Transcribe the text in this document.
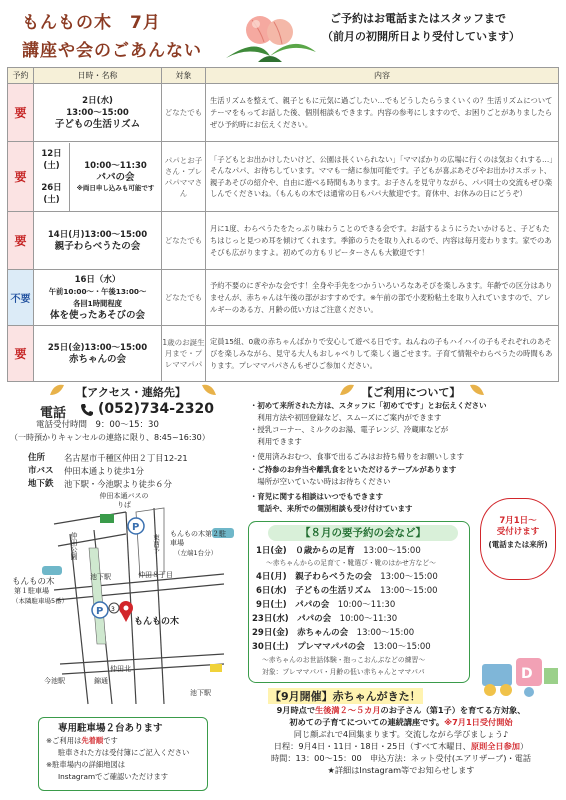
もんもの木　7月
講座や会のごあんない
ご予約はお電話またはスタッフまで
（前月の初開所日より受付しています）
予約	日時・名称	対象	内容
要	2日(水)
13:00～15:00
子どもの生活リズム	どなたでも	生活リズムを整えて、親子ともに元気に過ごしたい…でもどうしたらうまくいくの？生活リズムについてテーマをもってお話した後、個別相談もできます。内容の参考にしますので、お困りごとがありましたらぜひ予約時にお伝えください。
要	12日(土)
26日(土)
10:00～11:30
パパの会
※両日申し込みも可能です	パパとお子さん・プレパパママさん	「子どもとお出かけしたいけど、公園は長くいられない」「ママばかりの広場に行くのは気おくれする…」そんなパパ、お待ちしています。ママも一緒に参加可能です。子どもが喜ぶあそびやお出かけスポット、親子あそびの紹介や、自由に遊べる時間もあります。お子さんを見守りながら、パパ同士の交流もぜひ楽しんでくださいね。（もんもの木では通常の日もパパ大歓迎です。育休中、お休みの日にどうぞ）
要	14日(月)13:00～15:00
親子わらべうたの会	どなたでも	月に1度、わらべうたをたっぷり味わうことのできる会です。お話するようにうたいかけると、子どもたちはじっと見つめ耳を傾けてくれます。季節のうたを取り入れるので、内容は毎月変わります。家でのあそびも広がりますよ。初めての方もリピーターさんも大歓迎です！
不要	16日（水）
午前10:00～・午後13:00～
各回1時間程度
体を使ったあそびの会	どなたでも	予約不要のにぎやかな会です！全身や手先をつかういろいろなあそびを楽しみます。年齢での区分はありませんが、赤ちゃんは午後の部がおすすめです。※午前の部で小麦粉粘土を取り入れていますので、アレルギーのある方、月齢の低い方はご注意ください。
要	25日(金)13:00～15:00
赤ちゃんの会	1歳のお誕生月まで・プレママパパ	定員15組、0歳の赤ちゃんばかりで安心して遊べる日です。ねんねの子もハイハイの子もそれぞれのあそびを楽しみながら、見守る大人もおしゃべりして楽しく過ごせます。子育て情報やわらべうたの時間もあります。プレママパパさんもぜひご参加ください。
【アクセス・連絡先】
電話 (052)734-2320
電話受付時間　9：00～15：30
（一時預かりキャンセルの連絡に限り、8:45~16:30）
住所 名古屋市千種区仲田２丁目12-21
市バス 仲田本通より徒歩1分
地下鉄 池下駅・今池駅より徒歩６分
P
P 3
仲田本通バスのりば
仲田公園	もんもの木第２駐車場
（左端1台分）
東西予
池下駅	仲田８丁目
もんもの木
第１駐車場
（本隣駐車場5番）
もんもの木
仲田北
今池駅	錦通
池下駅
専用駐車場２台あります
※ご利用は先着順です
駐車された方は受付簿にご記入ください
※駐車場内の詳細地図は
Instagramでご確認いただけます
【ご利用について】
・初めて来所された方は、スタッフに「初めてです」とお伝えください
　利用方法や初回登録など、スムーズにご案内ができます
・授乳コーナー、ミルクのお湯、電子レンジ、冷蔵庫などが
　利用できます
・使用済みおむつ、食事で出るごみはお持ち帰りをお願いします
・ご持参のお弁当や離乳食をといただけるテーブルがあります
　場所が空いていない時はお待ちください
・育児に関する相談はいつでもできます
　電話や、来所での個別相談も受け付けています
【８月の要予約の会など】
1日(金)　 ０歳からの足育　 13:00～15:00
～赤ちゃんからの足育て・靴選び・靴のはかせ方など～
4日(月)　 親子わらべうたの会　 13:00～15:00
6日(水)　 子どもの生活リズム　 13:00～15:00
9日(土)　 パパの会　 10:00～11:30
23日(水)　 パパの会　 10:00～11:30
29日(金)　 赤ちゃんの会　 13:00～15:00
30日(土)　 プレママパパの会　 13:00～15:00
～赤ちゃんのお世話体験・抱っこおんぶなどの練習～
対象：プレママパパ・月齢の低い赤ちゃんとママパパ
7月1日～
受付けます
(電話または来所)
D
【9月開催】赤ちゃんがきた！
9月時点で生後満２～５カ月のお子さん（第1子）を育てる方対象、
初めての子育てについての連続講座です。※7月1日受付開始
同じ顔ぶれで4回集まります。交流しながら学びましょう♪
日程：9月4日・11日・18日・25日（すべて木曜日、原則全日参加）
時間：13：00～15：00　申込方法：ネット受付(エアリザーブ)・電話
★詳細はInstagram等でお知らせします
